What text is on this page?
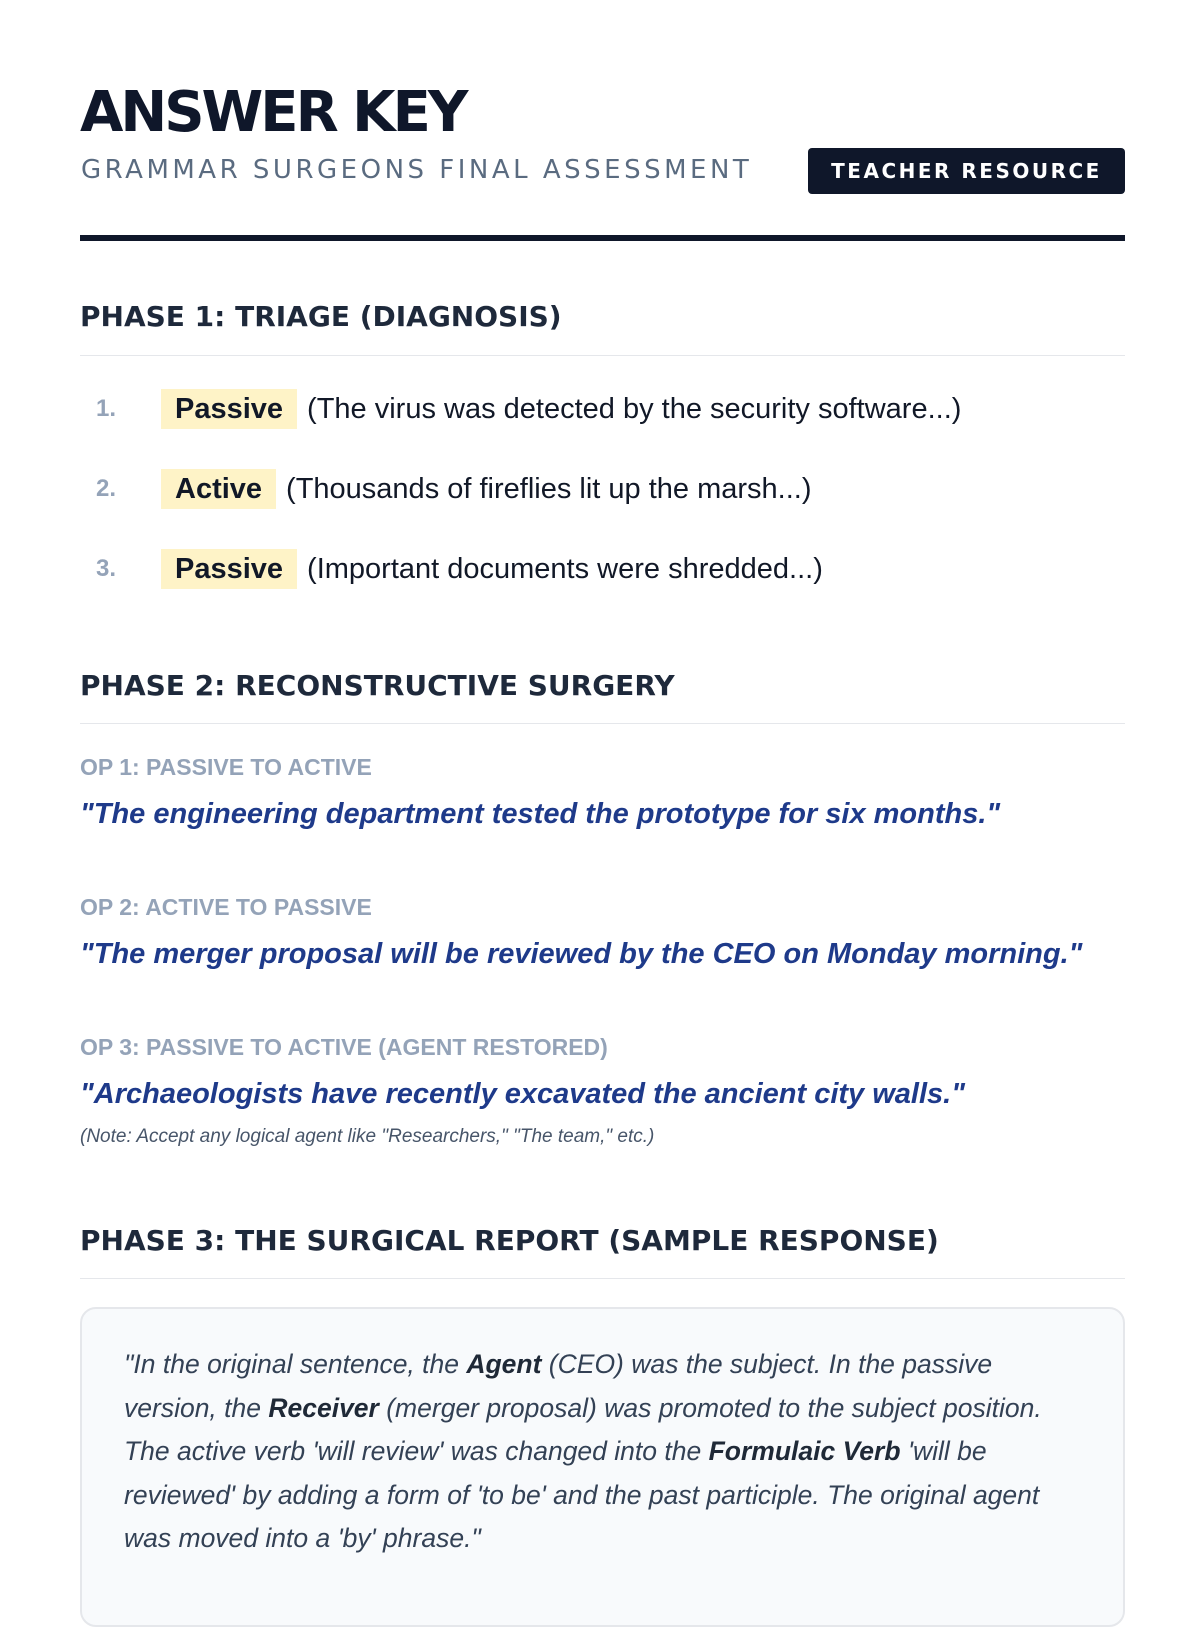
ANSWER KEY

GRAMMAR SURGEONS FINAL ASSESSMENT	TEACHER RESOURCE
PHASE 1: TRIAGE (DIAGNOSIS)
1.	Passive (The virus was detected by the security software...)
2.	Active (Thousands of fireflies lit up the marsh...)
3.	Passive (Important documents were shredded...)
PHASE 2: RECONSTRUCTIVE SURGERY

OP 1: PASSIVE TO ACTIVE

"The engineering department tested the prototype for six months."

OP 2: ACTIVE TO PASSIVE

"The merger proposal will be reviewed by the CEO on Monday morning."

OP 3: PASSIVE TO ACTIVE (AGENT RESTORED)

"Archaeologists have recently excavated the ancient city walls."

(Note: Accept any logical agent like "Researchers," "The team," etc.)

PHASE 3: THE SURGICAL REPORT (SAMPLE RESPONSE)

"In the original sentence, the Agent (CEO) was the subject. In the passive version, the Receiver (merger proposal) was promoted to the subject position. The active verb 'will review' was changed into the Formulaic Verb 'will be reviewed' by adding a form of 'to be' and the past participle. The original agent was moved into a 'by' phrase."
